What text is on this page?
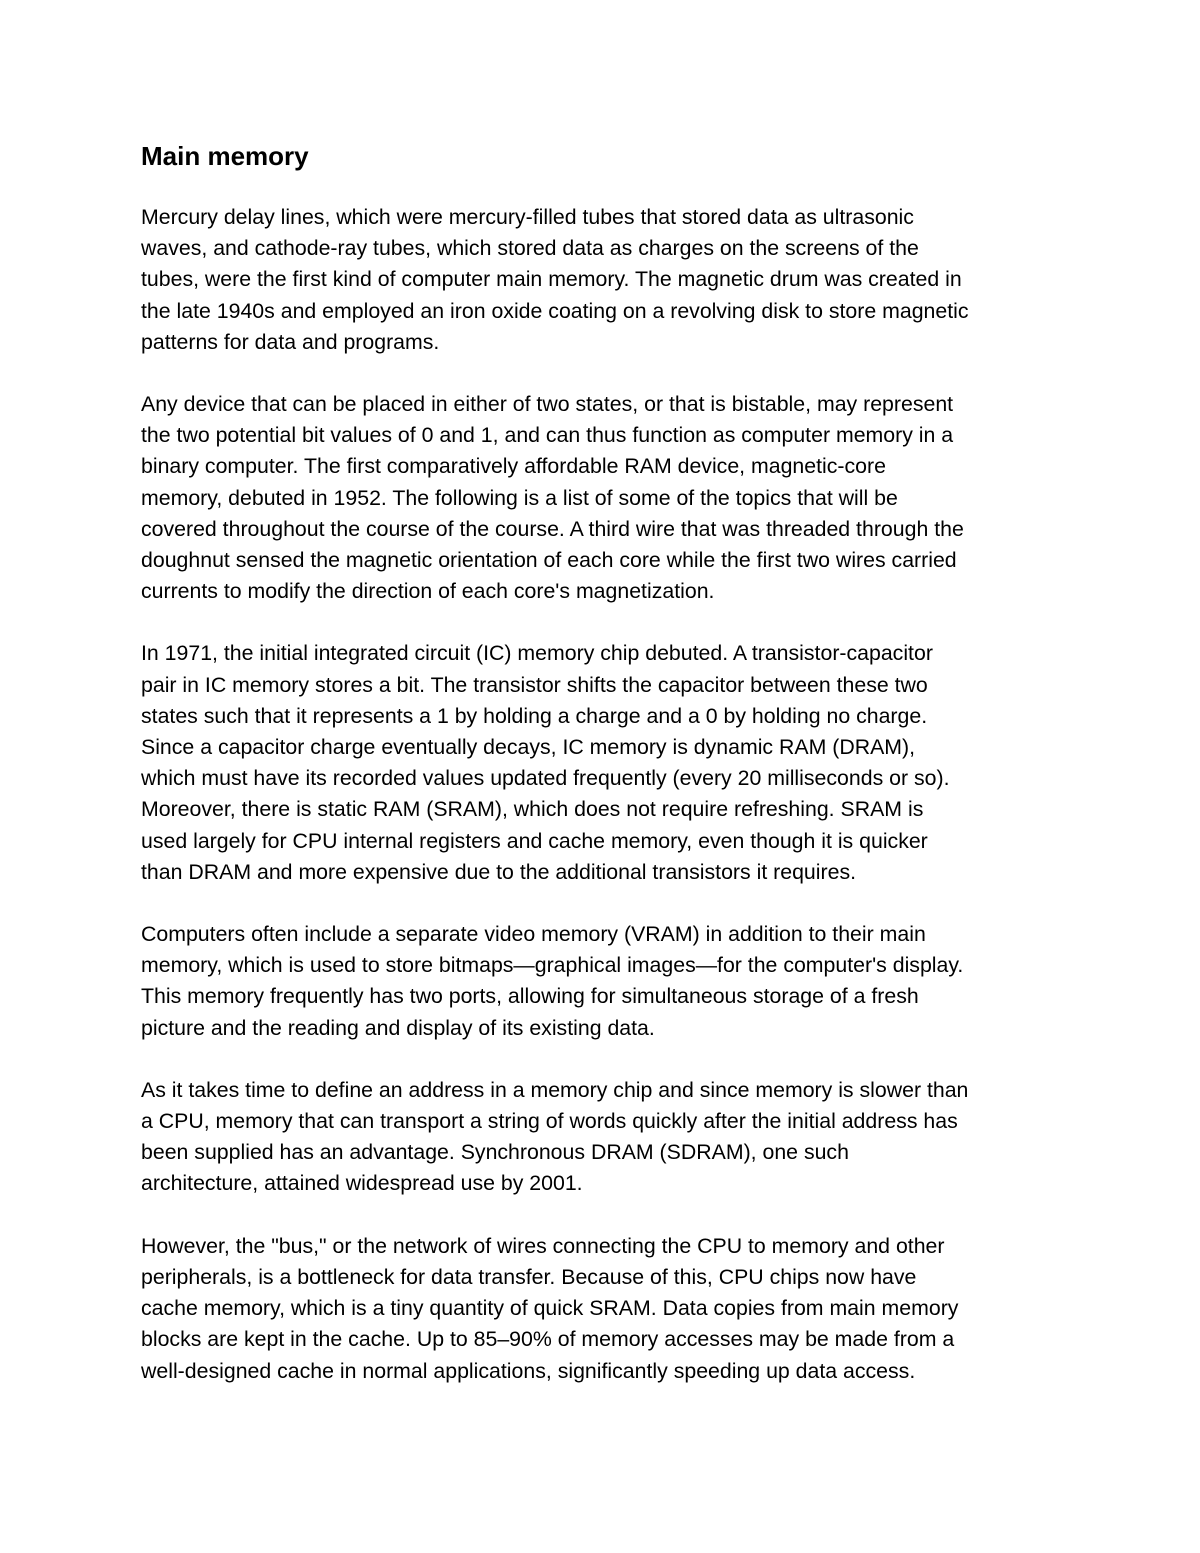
Main memory

Mercury delay lines, which were mercury-filled tubes that stored data as ultrasonic
waves, and cathode-ray tubes, which stored data as charges on the screens of the
tubes, were the first kind of computer main memory. The magnetic drum was created in
the late 1940s and employed an iron oxide coating on a revolving disk to store magnetic
patterns for data and programs.

Any device that can be placed in either of two states, or that is bistable, may represent
the two potential bit values of 0 and 1, and can thus function as computer memory in a
binary computer. The first comparatively affordable RAM device, magnetic-core
memory, debuted in 1952. The following is a list of some of the topics that will be
covered throughout the course of the course. A third wire that was threaded through the
doughnut sensed the magnetic orientation of each core while the first two wires carried
currents to modify the direction of each core's magnetization.

In 1971, the initial integrated circuit (IC) memory chip debuted. A transistor-capacitor
pair in IC memory stores a bit. The transistor shifts the capacitor between these two
states such that it represents a 1 by holding a charge and a 0 by holding no charge.
Since a capacitor charge eventually decays, IC memory is dynamic RAM (DRAM),
which must have its recorded values updated frequently (every 20 milliseconds or so).
Moreover, there is static RAM (SRAM), which does not require refreshing. SRAM is
used largely for CPU internal registers and cache memory, even though it is quicker
than DRAM and more expensive due to the additional transistors it requires.

Computers often include a separate video memory (VRAM) in addition to their main
memory, which is used to store bitmaps—graphical images—for the computer's display.
This memory frequently has two ports, allowing for simultaneous storage of a fresh
picture and the reading and display of its existing data.

As it takes time to define an address in a memory chip and since memory is slower than
a CPU, memory that can transport a string of words quickly after the initial address has
been supplied has an advantage. Synchronous DRAM (SDRAM), one such
architecture, attained widespread use by 2001.

However, the "bus," or the network of wires connecting the CPU to memory and other
peripherals, is a bottleneck for data transfer. Because of this, CPU chips now have
cache memory, which is a tiny quantity of quick SRAM. Data copies from main memory
blocks are kept in the cache. Up to 85–90% of memory accesses may be made from a
well-designed cache in normal applications, significantly speeding up data access.
